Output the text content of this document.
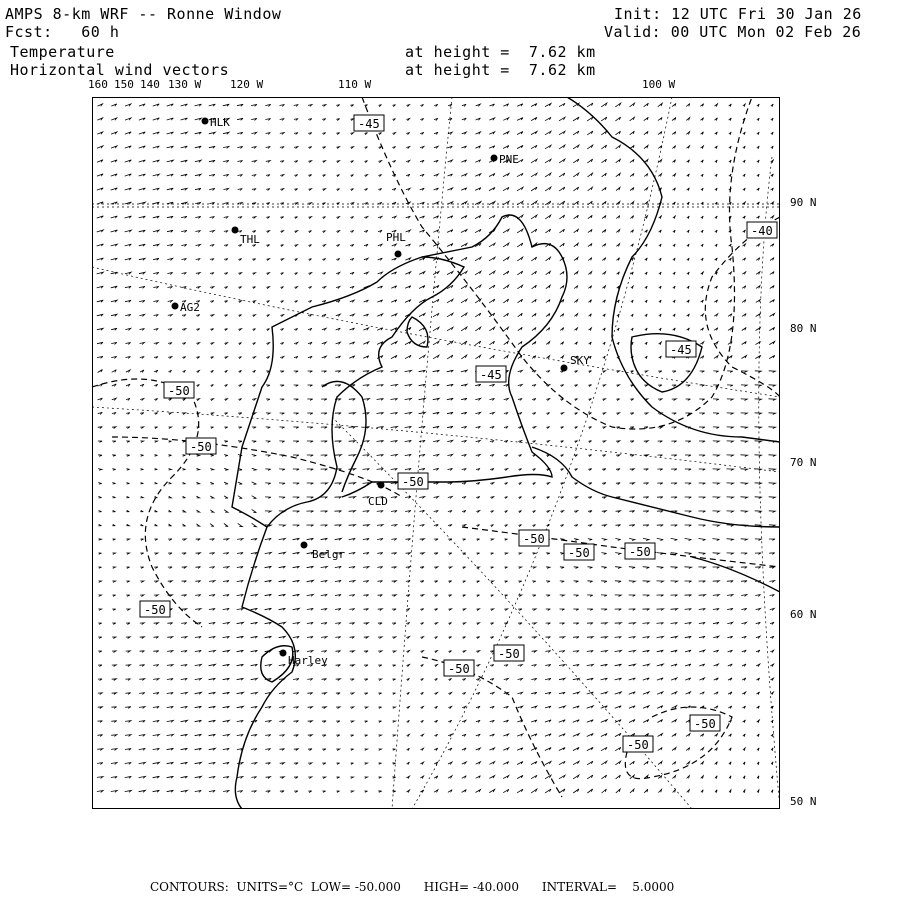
AMPS 8-km WRF -- Ronne Window
Fcst:   60 h
Init: 12 UTC Fri 30 Jan 26
Valid: 00 UTC Mon 02 Feb 26
Temperature
Horizontal wind vectors
at height =  7.62 km
at height =  7.62 km
160 150 140 130 W	120 W	110 W	100 W
90 N
80 N
70 N
60 N
50 N
HLK
PNE
THL	PHL
AG2
SKY
CLD
Belgr
Harley
-45
-40
-45
-45
-50
-50
-50
-50
-50	-50
-50
-50
-50
-50
-50
CONTOURS:  UNITS=°C  LOW= -50.000      HIGH= -40.000      INTERVAL=    5.0000
